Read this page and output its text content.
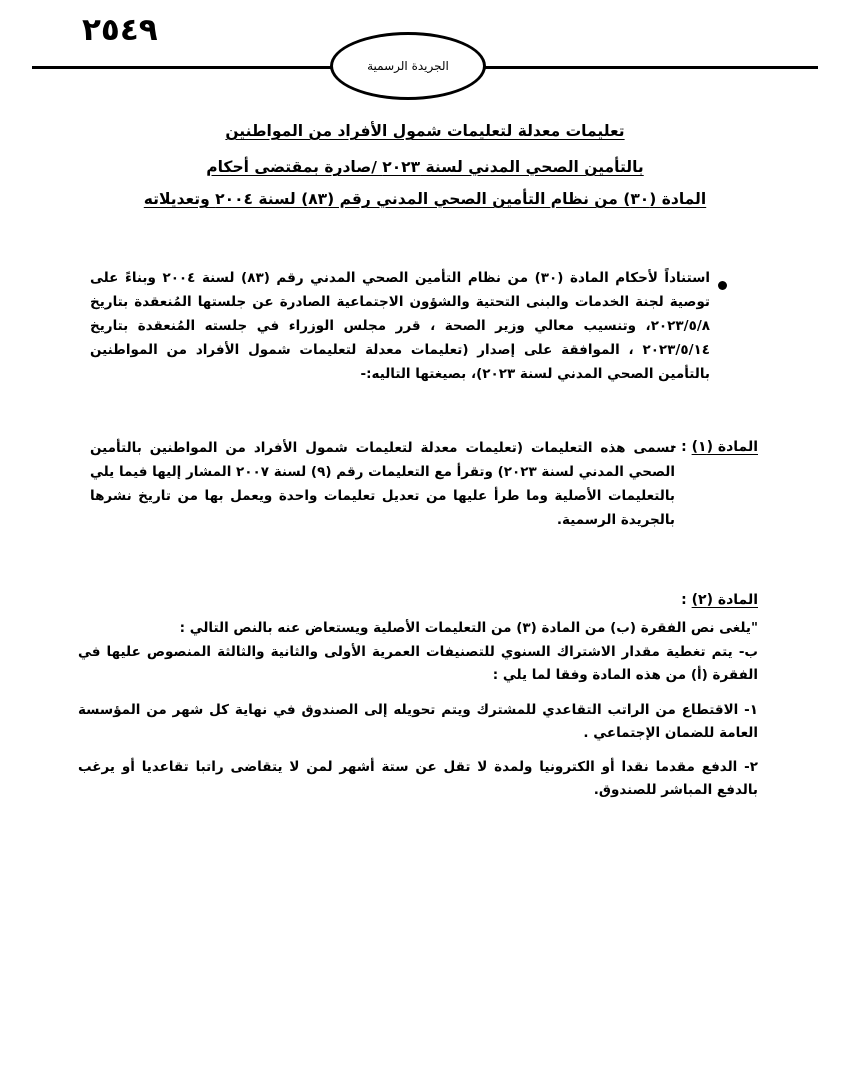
٢٥٤٩
الجريدة الرسمية
تعليمات معدلة لتعليمات شمول الأفراد من المواطنين
بالتأمين الصحي المدني لسنة ٢٠٢٣ /صادرة بمقتضى أحكام
المادة (٣٠) من نظام التأمين الصحي المدني رقم (٨٣) لسنة ٢٠٠٤ وتعديلاته
استناداً لأحكام المادة (٣٠) من نظام التأمين الصحي المدني رقم (٨٣) لسنة ٢٠٠٤ وبناءً على توصية لجنة الخدمات والبنى التحتية والشؤون الاجتماعية الصادرة عن جلستها المُنعقدة بتاريخ ٢٠٢٣/٥/٨، وتنسيب معالي وزير الصحة ، قرر مجلس الوزراء في جلسته المُنعقدة بتاريخ ٢٠٢٣/٥/١٤ ، الموافقة على إصدار (تعليمات معدلة لتعليمات شمول الأفراد من المواطنين بالتأمين الصحي المدني لسنة ٢٠٢٣)، بصيغتها التاليه:-
المادة (١) : -
تسمى هذه التعليمات (تعليمات معدلة لتعليمات شمول الأفراد من المواطنين بالتأمين الصحي المدني لسنة ٢٠٢٣) وتقرأ مع التعليمات رقم (٩) لسنة ٢٠٠٧ المشار إليها فيما يلي بالتعليمات الأصلية وما طرأ عليها من تعديل تعليمات واحدة ويعمل بها من تاريخ نشرها بالجريدة الرسمية.
المادة (٢) :
"يلغى نص الفقرة (ب) من المادة (٣) من التعليمات الأصلية ويستعاض عنه بالنص التالي :
ب- يتم تغطية مقدار الاشتراك السنوي للتصنيفات العمرية الأولى والثانية والثالثة المنصوص عليها في الفقرة (أ) من هذه المادة وفقا لما يلي :
١- الاقتطاع من الراتب التقاعدي للمشترك ويتم تحويله إلى الصندوق في نهاية كل شهر من المؤسسة العامة للضمان الإجتماعي .
٢- الدفع مقدما نقدا أو الكترونيا ولمدة لا تقل عن ستة أشهر لمن لا يتقاضى راتبا تقاعديا أو يرغب بالدفع المباشر للصندوق.
